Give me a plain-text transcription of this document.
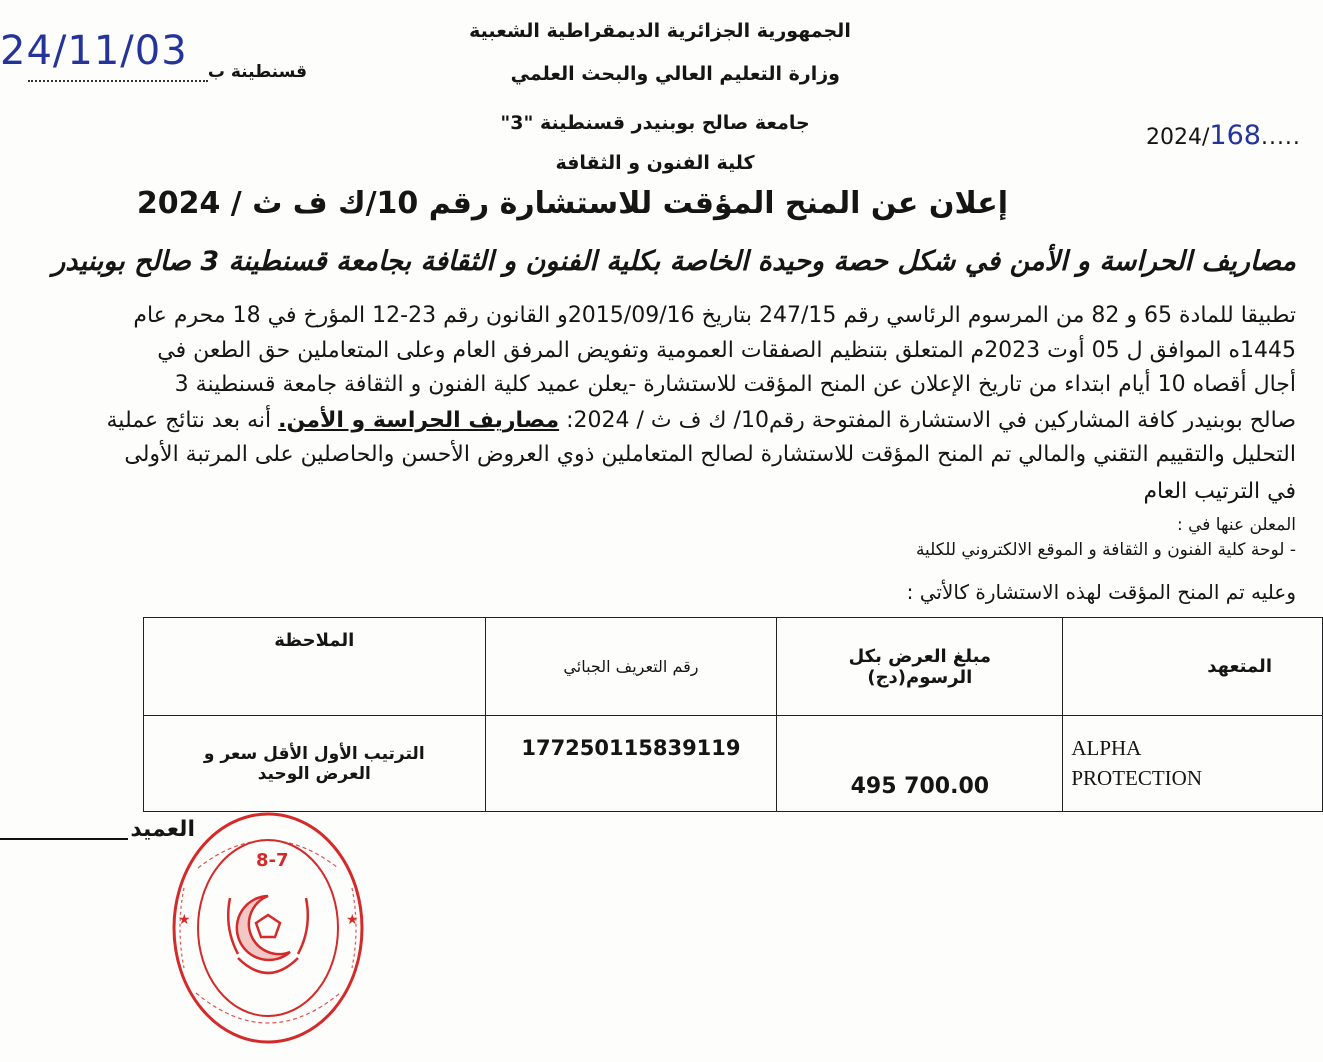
الجمهورية الجزائرية الديمقراطية الشعبية
وزارة التعليم العالي والبحث العلمي
جامعة صالح بوبنيدر قسنطينة "3"
كلية الفنون و الثقافة
24/11/03 قسنطينة ب
2024/168.....
إعلان عن المنح المؤقت للاستشارة رقم 10/ك ف ث / 2024
مصاريف الحراسة و الأمن في شكل حصة وحيدة الخاصة بكلية الفنون و الثقافة بجامعة قسنطينة 3 صالح بوبنيدر
تطبيقا للمادة 65 و 82 من المرسوم الرئاسي رقم 247/15 بتاريخ 2015/09/16و القانون رقم 23-12 المؤرخ في 18 محرم عام
1445ه الموافق ل 05 أوت 2023م المتعلق بتنظيم الصفقات العمومية وتفويض المرفق العام وعلى المتعاملين حق الطعن في
أجال أقصاه 10 أيام ابتداء من تاريخ الإعلان عن المنح المؤقت للاستشارة -يعلن عميد كلية الفنون و الثقافة جامعة قسنطينة 3
صالح بوبنيدر كافة المشاركين في الاستشارة المفتوحة رقم10/ ك ف ث / 2024: مصاريف الحراسة و الأمن. أنه بعد نتائج عملية
التحليل والتقييم التقني والمالي تم المنح المؤقت للاستشارة لصالح المتعاملين ذوي العروض الأحسن والحاصلين على المرتبة الأولى
في الترتيب العام
المعلن عنها في :
- لوحة كلية الفنون و الثقافة و الموقع الالكتروني للكلية
وعليه تم المنح المؤقت لهذه الاستشارة كالأتي :
الملاحظة	رقم التعريف الجبائي	مبلغ العرض بكل الرسوم(دج)	المتعهد
الترتيب الأول الأقل سعر و العرض الوحيد	177250115839119	495 700.00	ALPHA PROTECTION
العميد
8-7
★	★
